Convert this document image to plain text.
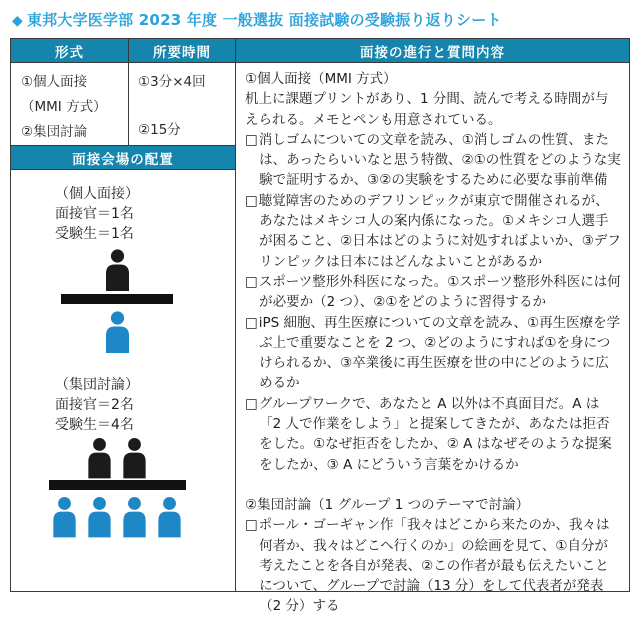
◆ 東邦大学医学部 2023 年度 一般選抜 面接試験の受験振り返りシート
形式	所要時間	面接の進行と質問内容
①個人面接
（MMI 方式）
②集団討論
①3分×4回
②15分
①個人面接（MMI 方式）
机上に課題プリントがあり、1 分間、読んで考える時間が与えられる。メモとペンも用意されている。
□消しゴムについての文章を読み、①消しゴムの性質、または、あったらいいなと思う特徴、②①の性質をどのような実験で証明するか、③②の実験をするために必要な事前準備
□聴覚障害のためのデフリンピックが東京で開催されるが、あなたはメキシコ人の案内係になった。①メキシコ人選手が困ること、②日本はどのように対処すればよいか、③デフリンピックは日本にはどんなよいことがあるか
□スポーツ整形外科医になった。①スポーツ整形外科医には何が必要か（2 つ）、②①をどのように習得するか
□iPS 細胞、再生医療についての文章を読み、①再生医療を学ぶ上で重要なことを 2 つ、②どのようにすれば①を身につけられるか、③卒業後に再生医療を世の中にどのように広めるか
□グループワークで、あなたと A 以外は不真面目だ。A は「2 人で作業をしよう」と提案してきたが、あなたは拒否をした。①なぜ拒否をしたか、② A はなぜそのような提案をしたか、③ A にどういう言葉をかけるか
②集団討論（1 グループ 1 つのテーマで討論）
□ポール・ゴーギャン作「我々はどこから来たのか、我々は何者か、我々はどこへ行くのか」の絵画を見て、①自分が考えたことを各自が発表、②この作者が最も伝えたいことについて、グループで討論（13 分）をして代表者が発表（2 分）する
面接会場の配置
（個人面接）
面接官＝1名
受験生＝1名
（集団討論）
面接官＝2名
受験生＝4名
